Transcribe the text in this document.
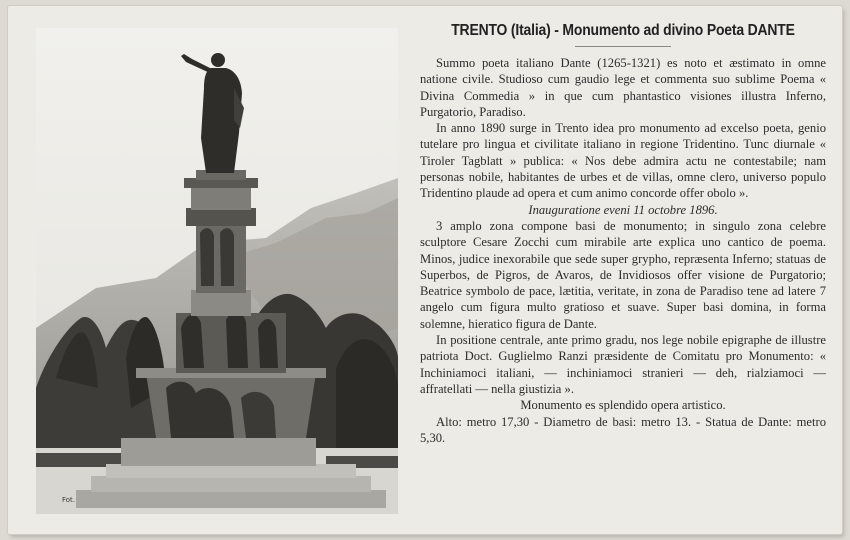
Fot.
TRENTO (Italia) - Monumento ad divino Poeta DANTE

Summo poeta italiano Dante (1265-1321) es noto et æstimato in omne natione civile. Studioso cum gaudio lege et commenta suo sublime Poema « Divina Commedia » in que cum phantastico visiones illustra Inferno, Purgatorio, Paradiso.

In anno 1890 surge in Trento idea pro monumento ad excelso poeta, genio tutelare pro lingua et civilitate italiano in regione Tridentino. Tunc diurnale « Tiroler Tagblatt » publica: « Nos debe admira actu ne contestabile; nam personas nobile, habitantes de urbes et de villas, omne clero, universo populo Tridentino plaude ad opera et cum animo concorde offer obolo ».

Inauguratione eveni 11 octobre 1896.

3 amplo zona compone basi de monumento; in singulo zona celebre sculptore Cesare Zocchi cum mirabile arte explica uno cantico de poema. Minos, judice inexorabile que sede super grypho, repræsenta Inferno; statuas de Superbos, de Pigros, de Avaros, de Invidiosos offer visione de Purgatorio; Beatrice symbolo de pace, lætitia, veritate, in zona de Paradiso tene ad latere 7 angelo cum figura multo gratioso et suave. Super basi domina, in forma solemne, hieratico figura de Dante.

In positione centrale, ante primo gradu, nos lege nobile epigraphe de illustre patriota Doct. Guglielmo Ranzi præsidente de Comitatu pro Monumento: « Inchiniamoci italiani, — inchiniamoci stranieri — deh, rialziamoci — affratellati — nella giustizia ».

Monumento es splendido opera artistico.

Alto: metro 17,30 - Diametro de basi: metro 13. - Statua de Dante: metro 5,30.
